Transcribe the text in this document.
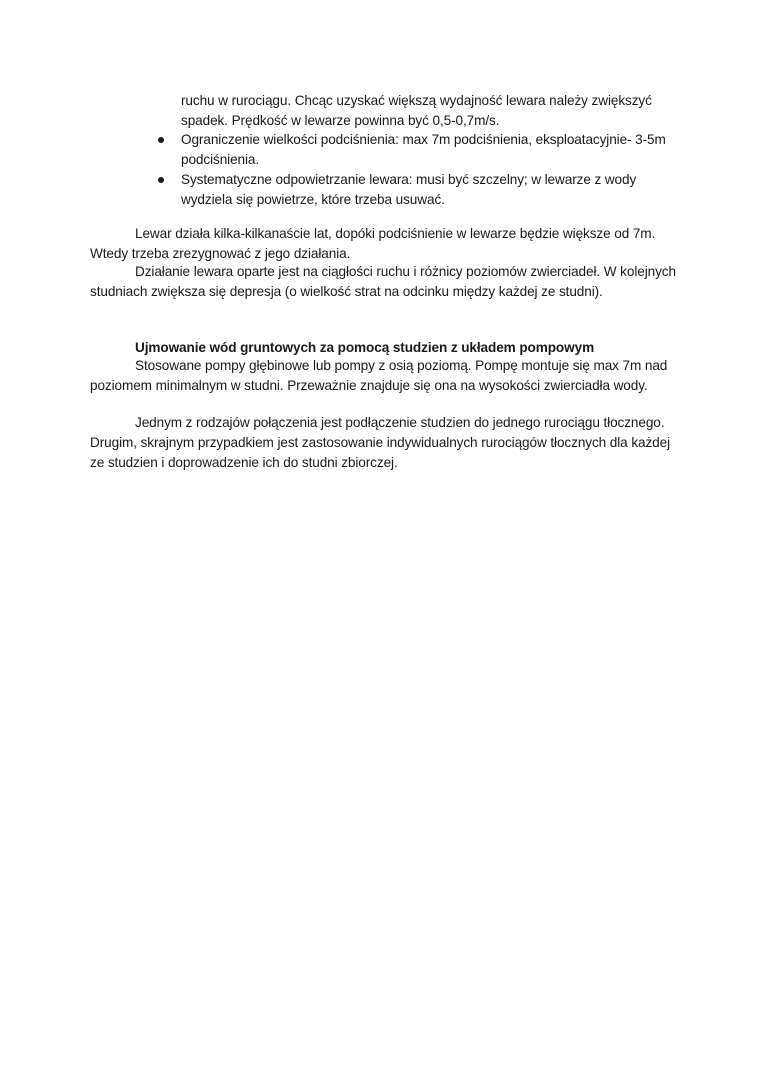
ruchu w rurociągu. Chcąc uzyskać większą wydajność lewara należy zwiększyć spadek. Prędkość w lewarze powinna być 0,5-0,7m/s.

Ograniczenie wielkości podciśnienia: max 7m podciśnienia, eksploatacyjnie- 3-5m podciśnienia.
Systematyczne odpowietrzanie lewara: musi być szczelny; w lewarze z wody wydziela się powietrze, które trzeba usuwać.

Lewar działa kilka-kilkanaście lat, dopóki podciśnienie w lewarze będzie większe od 7m. Wtedy trzeba zrezygnować z jego działania.

Działanie lewara oparte jest na ciągłości ruchu i różnicy poziomów zwierciadeł. W kolejnych studniach zwiększa się depresja (o wielkość strat na odcinku między każdej ze studni).

Ujmowanie wód gruntowych za pomocą studzien z układem pompowym

Stosowane pompy głębinowe lub pompy z osią poziomą. Pompę montuje się max 7m nad poziomem minimalnym w studni. Przeważnie znajduje się ona na wysokości zwierciadła wody.

Jednym z rodzajów połączenia jest podłączenie studzien do jednego rurociągu tłocznego. Drugim, skrajnym przypadkiem jest zastosowanie indywidualnych rurociągów tłocznych dla każdej ze studzien i doprowadzenie ich do studni zbiorczej.
